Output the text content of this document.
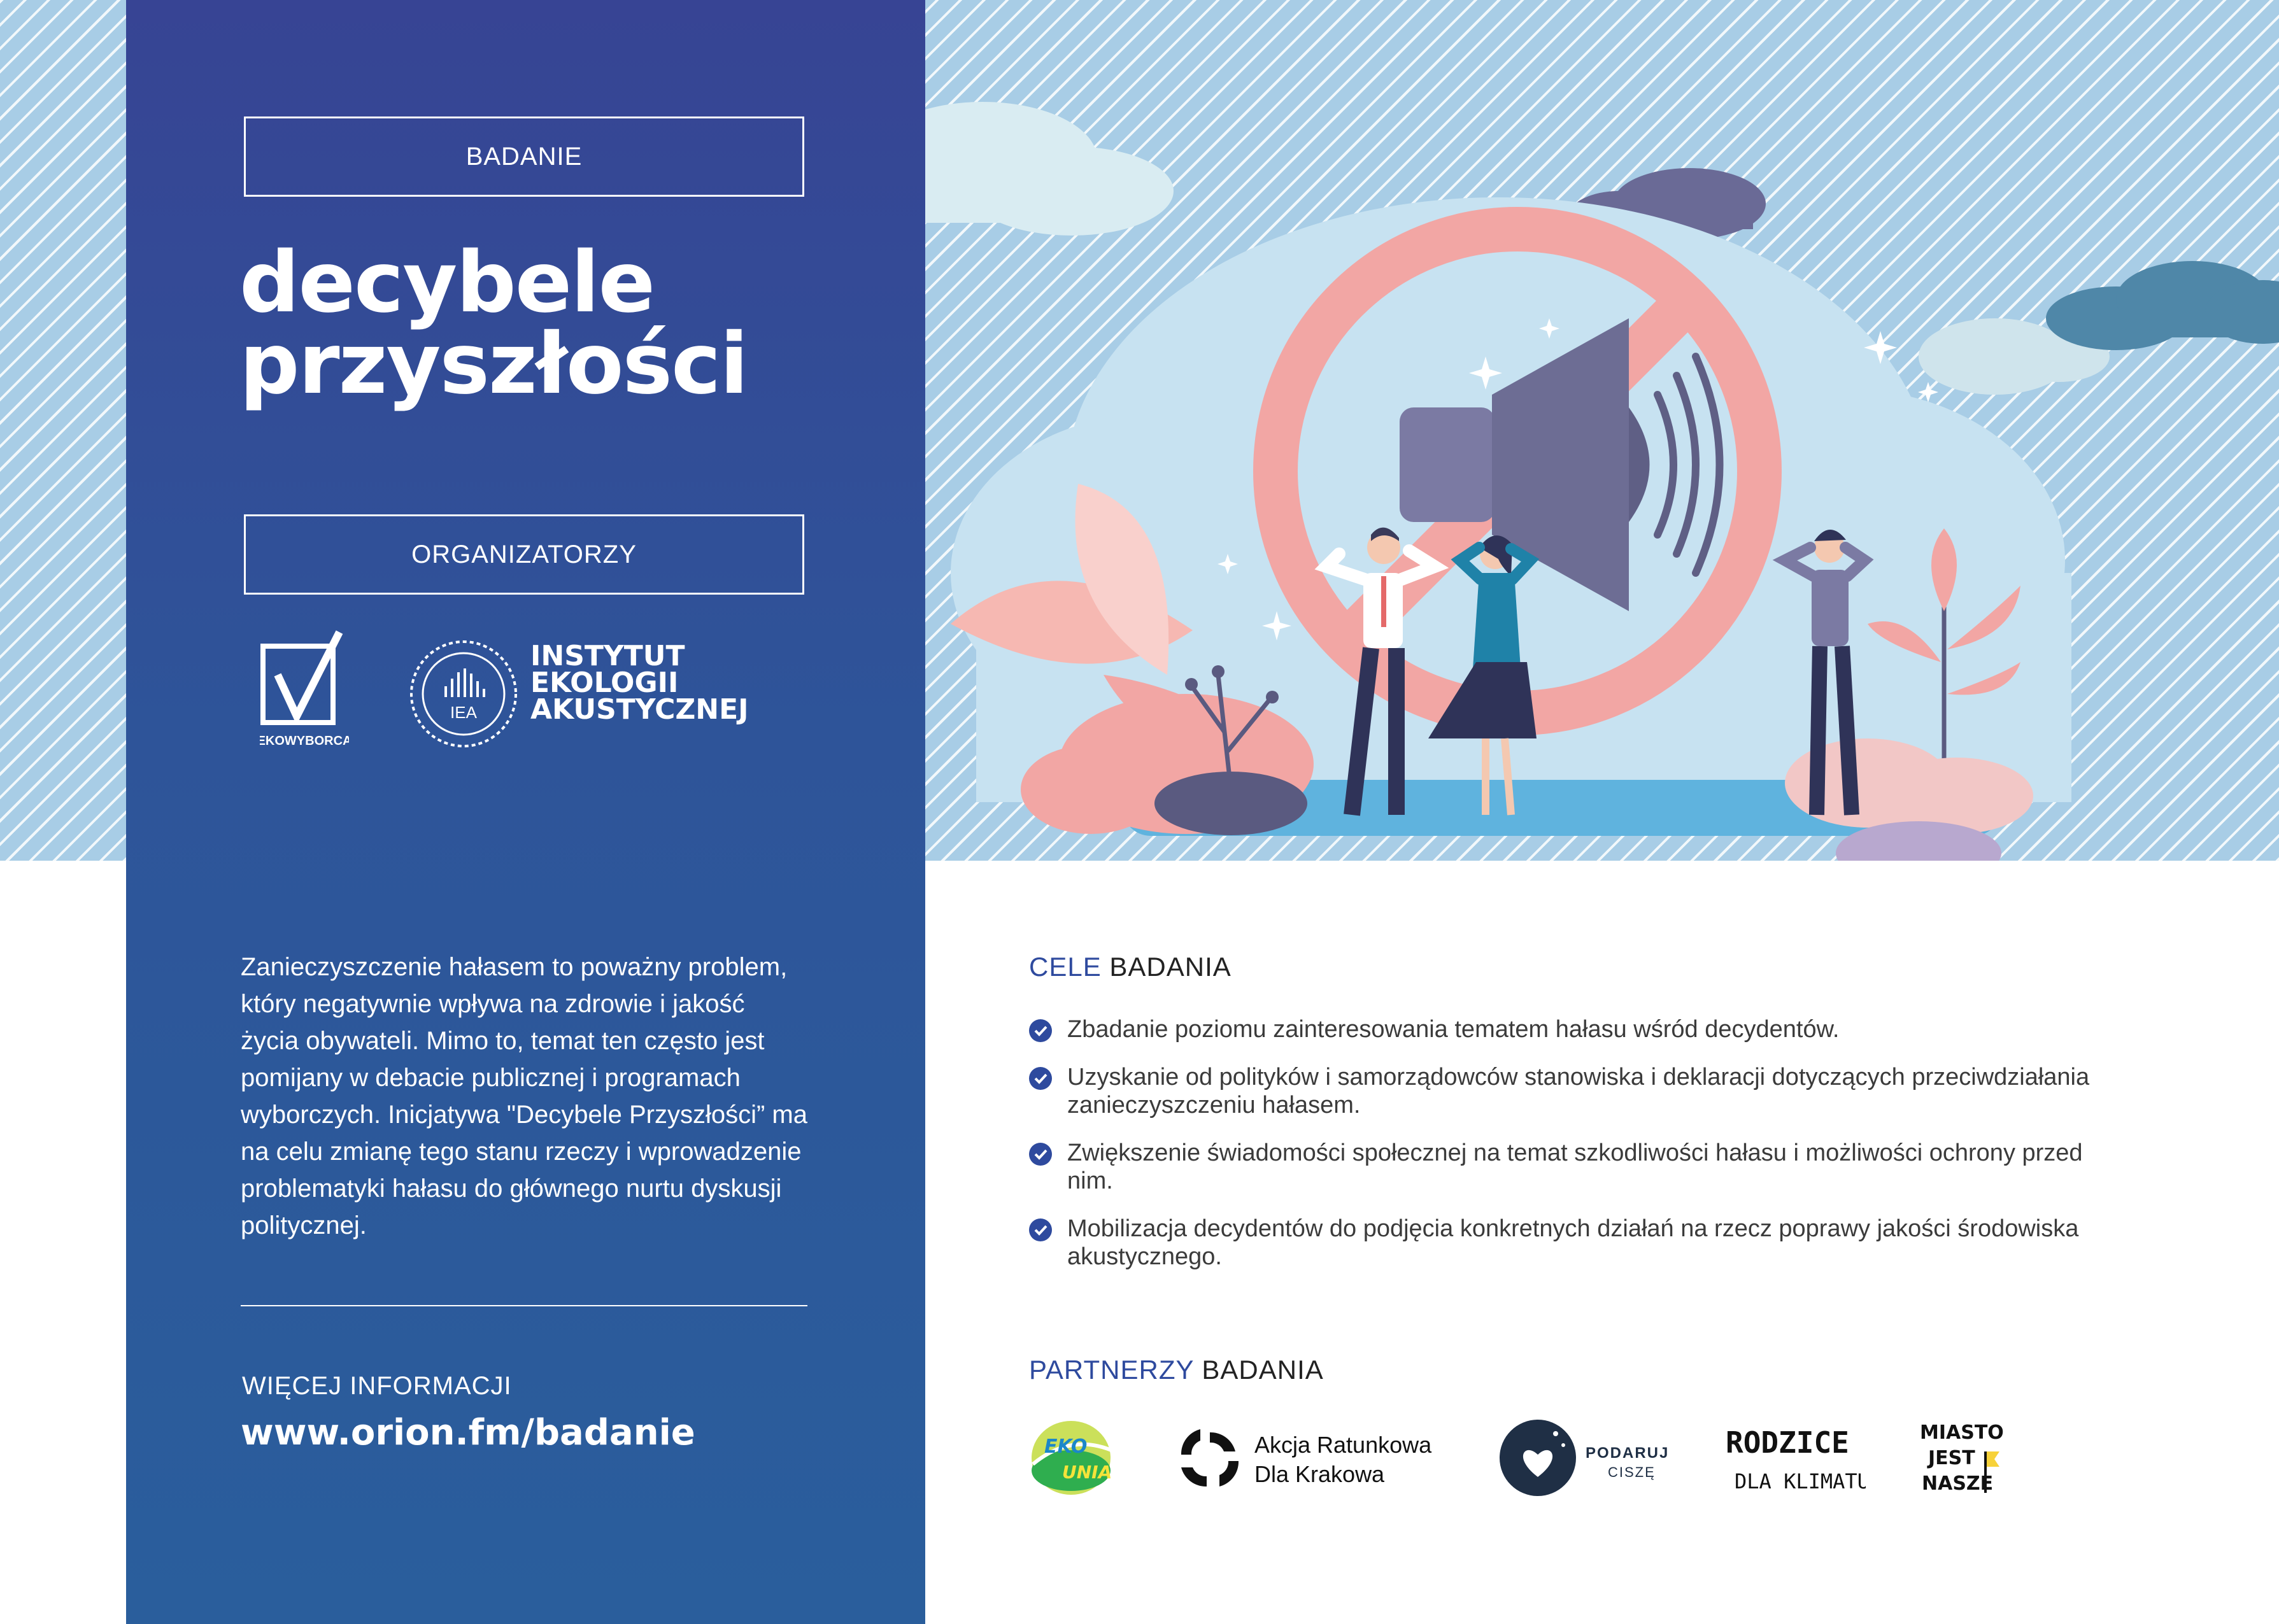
BADANIE
decybele
przyszłości
ORGANIZATORZY
EKOWYBORCA
IEA
INSTYTUT
EKOLOGII
AKUSTYCZNEJ
Zanieczyszczenie hałasem to poważny problem, który negatywnie wpływa na zdrowie i jakość życia obywateli. Mimo to, temat ten często jest pomijany w debacie publicznej i programach wyborczych. Inicjatywa "Decybele Przyszłości” ma na celu zmianę tego stanu rzeczy i wprowadzenie problematyki hałasu do głównego nurtu dyskusji politycznej.
WIĘCEJ INFORMACJI
www.orion.fm/badanie
CELE BADANIA
Zbadanie poziomu zainteresowania tematem hałasu wśród decydentów.
Uzyskanie od polityków i samorządowców stanowiska i deklaracji dotyczących przeciwdziałania zanieczyszczeniu hałasem.
Zwiększenie świadomości społecznej na temat szkodliwości hałasu i możliwości ochrony przed nim.
Mobilizacja decydentów do podjęcia konkretnych działań na rzecz poprawy jakości środowiska akustycznego.
PARTNERZY BADANIA
EKO
UNIA
Akcja Ratunkowa
Dla Krakowa
PODARUJ
CISZĘ
RODZICE
DLA KLIMATU
MIASTO
JEST
NASZE
